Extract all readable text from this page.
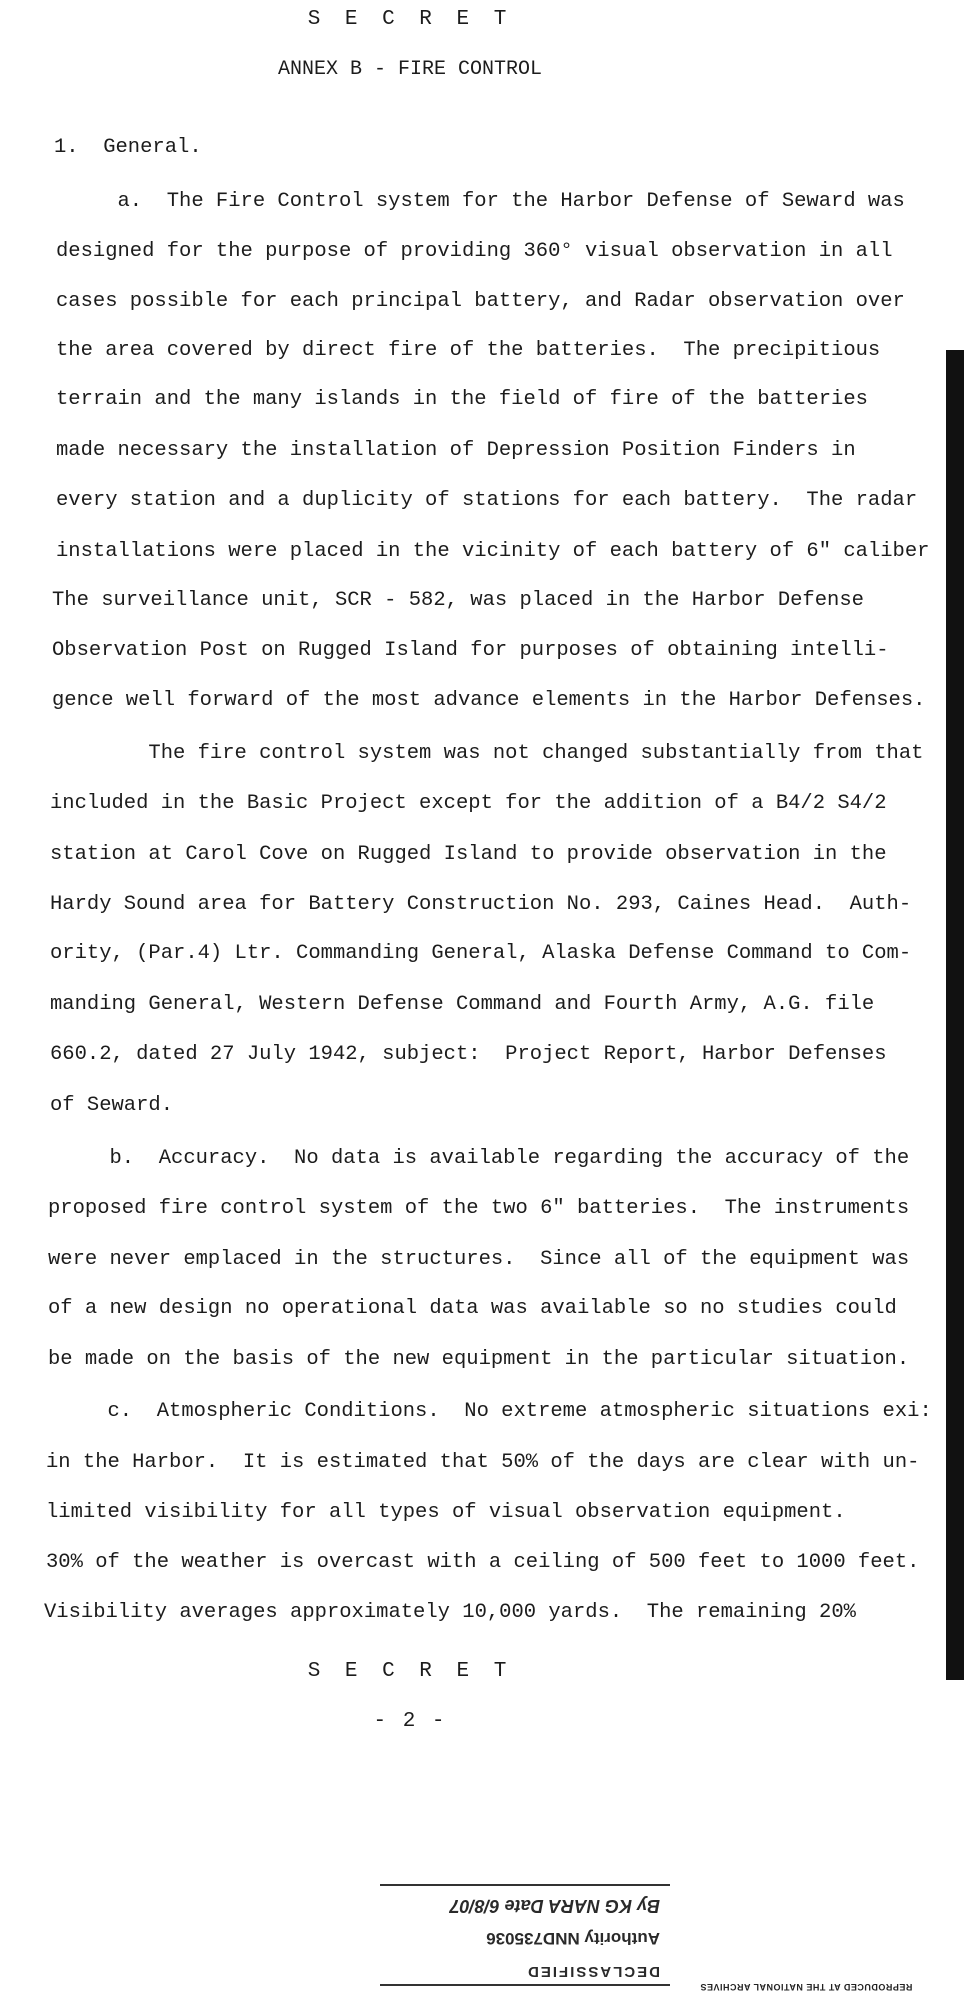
S E C R E T
ANNEX B - FIRE CONTROL
1.  General.
a.  The Fire Control system for the Harbor Defense of Seward was
designed for the purpose of providing 360° visual observation in all
cases possible for each principal battery, and Radar observation over
the area covered by direct fire of the batteries.  The precipitious
terrain and the many islands in the field of fire of the batteries
made necessary the installation of Depression Position Finders in
every station and a duplicity of stations for each battery.  The radar
installations were placed in the vicinity of each battery of 6" caliber
The surveillance unit, SCR - 582, was placed in the Harbor Defense
Observation Post on Rugged Island for purposes of obtaining intelli-
gence well forward of the most advance elements in the Harbor Defenses.
The fire control system was not changed substantially from that
included in the Basic Project except for the addition of a B4/2 S4/2
station at Carol Cove on Rugged Island to provide observation in the
Hardy Sound area for Battery Construction No. 293, Caines Head.  Auth-
ority, (Par.4) Ltr. Commanding General, Alaska Defense Command to Com-
manding General, Western Defense Command and Fourth Army, A.G. file
660.2, dated 27 July 1942, subject:  Project Report, Harbor Defenses
of Seward.
b.  Accuracy.  No data is available regarding the accuracy of the
proposed fire control system of the two 6" batteries.  The instruments
were never emplaced in the structures.  Since all of the equipment was
of a new design no operational data was available so no studies could
be made on the basis of the new equipment in the particular situation.
c.  Atmospheric Conditions.  No extreme atmospheric situations exi:
in the Harbor.  It is estimated that 50% of the days are clear with un-
limited visibility for all types of visual observation equipment.
30% of the weather is overcast with a ceiling of 500 feet to 1000 feet.
Visibility averages approximately 10,000 yards.  The remaining 20%
S E C R E T
- 2 -
DECLASSIFIED
Authority NND735036
By KG NARA Date 6/8/07
REPRODUCED AT THE NATIONAL ARCHIVES
